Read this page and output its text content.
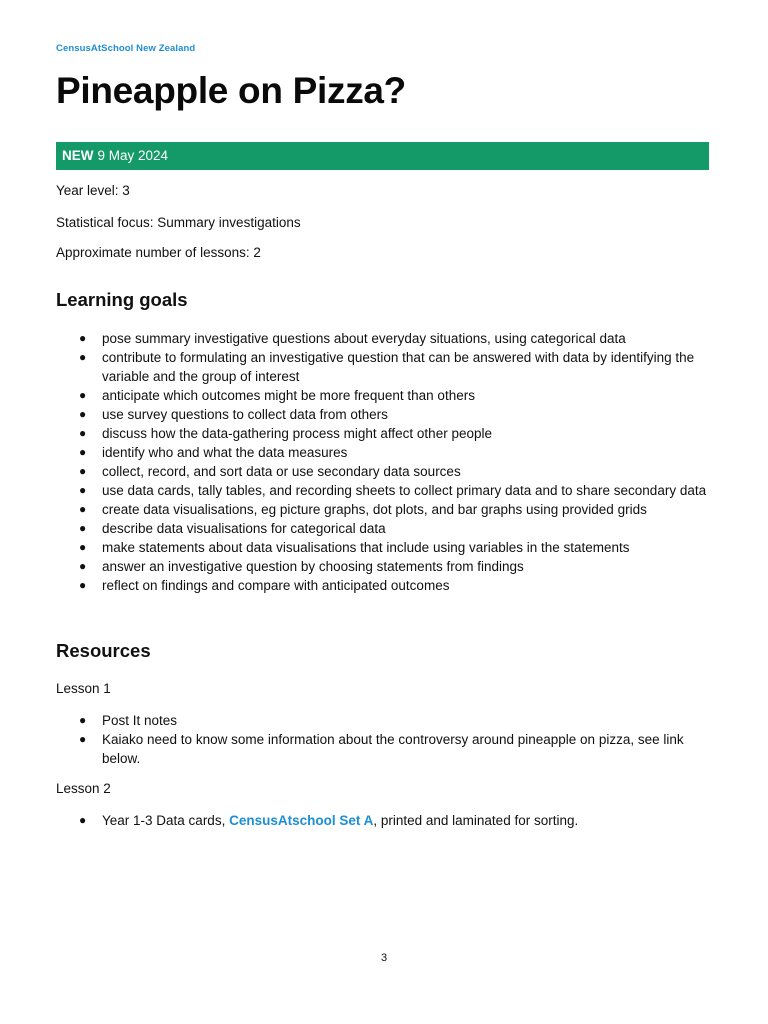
CensusAtSchool New Zealand
Pineapple on Pizza?
NEW 9 May 2024

Year level: 3

Statistical focus: Summary investigations

Approximate number of lessons: 2

Learning goals
● pose summary investigative questions about everyday situations, using categorical data
● contribute to formulating an investigative question that can be answered with data by identifying the variable and the group of interest
● anticipate which outcomes might be more frequent than others
● use survey questions to collect data from others
● discuss how the data-gathering process might affect other people
● identify who and what the data measures
● collect, record, and sort data or use secondary data sources
● use data cards, tally tables, and recording sheets to collect primary data and to share secondary data
● create data visualisations, eg picture graphs, dot plots, and bar graphs using provided grids
● describe data visualisations for categorical data
● make statements about data visualisations that include using variables in the statements
● answer an investigative question by choosing statements from findings
● reflect on findings and compare with anticipated outcomes
Resources

Lesson 1

● Post It notes
● Kaiako need to know some information about the controversy around pineapple on pizza, see link below.

Lesson 2

● Year 1-3 Data cards, CensusAtschool Set A, printed and laminated for sorting.
3
